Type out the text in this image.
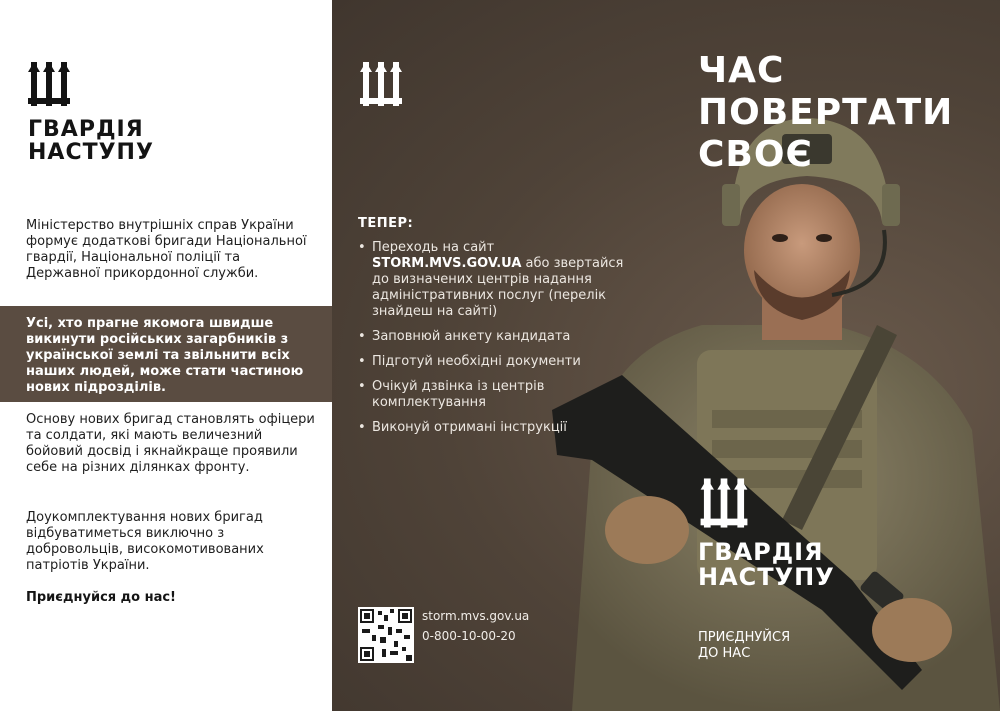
ГВАРДІЯ
НАСТУПУ

Міністерство внутрішніх справ України формує додаткові бригади Національної гвардії, Національної поліції та Державної прикордонної служби.

Усі, хто прагне якомога швидше викинути російських загарбників з української землі та звільнити всіх наших людей, може стати частиною нових підрозділів.

Основу нових бригад становлять офіцери та солдати, які мають величезний бойовий досвід і якнайкраще проявили себе на різних ділянках фронту.

Доукомплектування нових бригад відбуватиметься виключно з добровольців, високомотивованих патріотів України.

Приєднуйся до нас!
ЧАС
ПОВЕРТАТИ
СВОЄ
ТЕПЕР:
• Переходь на сайт STORM.MVS.GOV.UA або звертайся до визначених центрів надання адміністративних послуг (перелік знайдеш на сайті)
• Заповнюй анкету кандидата
• Підготуй необхідні документи
• Очікуй дзвінка із центрів комплектування
• Виконуй отримані інструкції
storm.mvs.gov.ua
0-800-10-00-20
ГВАРДІЯ
НАСТУПУ
ПРИЄДНУЙСЯ
ДО НАС
